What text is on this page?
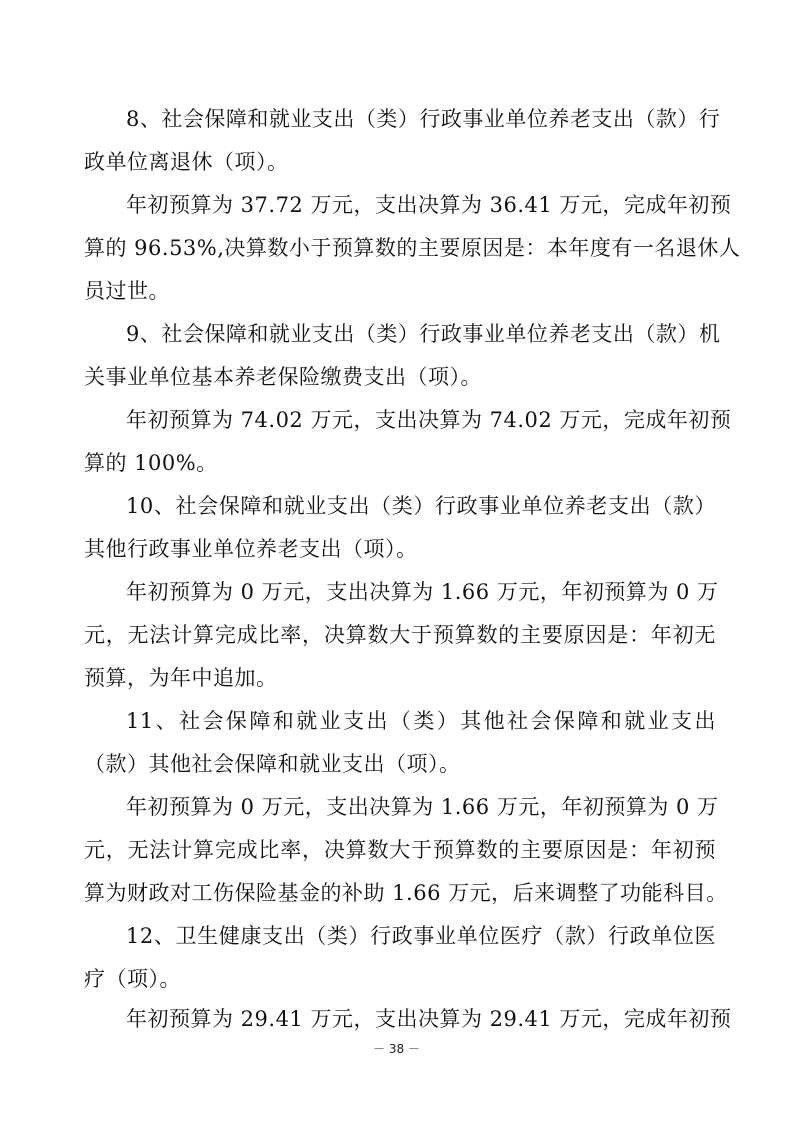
8、社会保障和就业支出（类）行政事业单位养老支出（款）行
政单位离退休（项）。
年初预算为 37.72 万元，支出决算为 36.41 万元，完成年初预
算的 96.53%,决算数小于预算数的主要原因是：本年度有一名退休人
员过世。
9、社会保障和就业支出（类）行政事业单位养老支出（款）机
关事业单位基本养老保险缴费支出（项）。
年初预算为 74.02 万元，支出决算为 74.02 万元，完成年初预
算的 100%。
10、社会保障和就业支出（类）行政事业单位养老支出（款）
其他行政事业单位养老支出（项）。
年初预算为 0 万元，支出决算为 1.66 万元，年初预算为 0 万
元，无法计算完成比率，决算数大于预算数的主要原因是：年初无
预算，为年中追加。
11、社会保障和就业支出（类）其他社会保障和就业支出
（款）其他社会保障和就业支出（项）。
年初预算为 0 万元，支出决算为 1.66 万元，年初预算为 0 万
元，无法计算完成比率，决算数大于预算数的主要原因是：年初预
算为财政对工伤保险基金的补助 1.66 万元，后来调整了功能科目。
12、卫生健康支出（类）行政事业单位医疗（款）行政单位医
疗（项）。
年初预算为 29.41 万元，支出决算为 29.41 万元，完成年初预
－ 38 －
